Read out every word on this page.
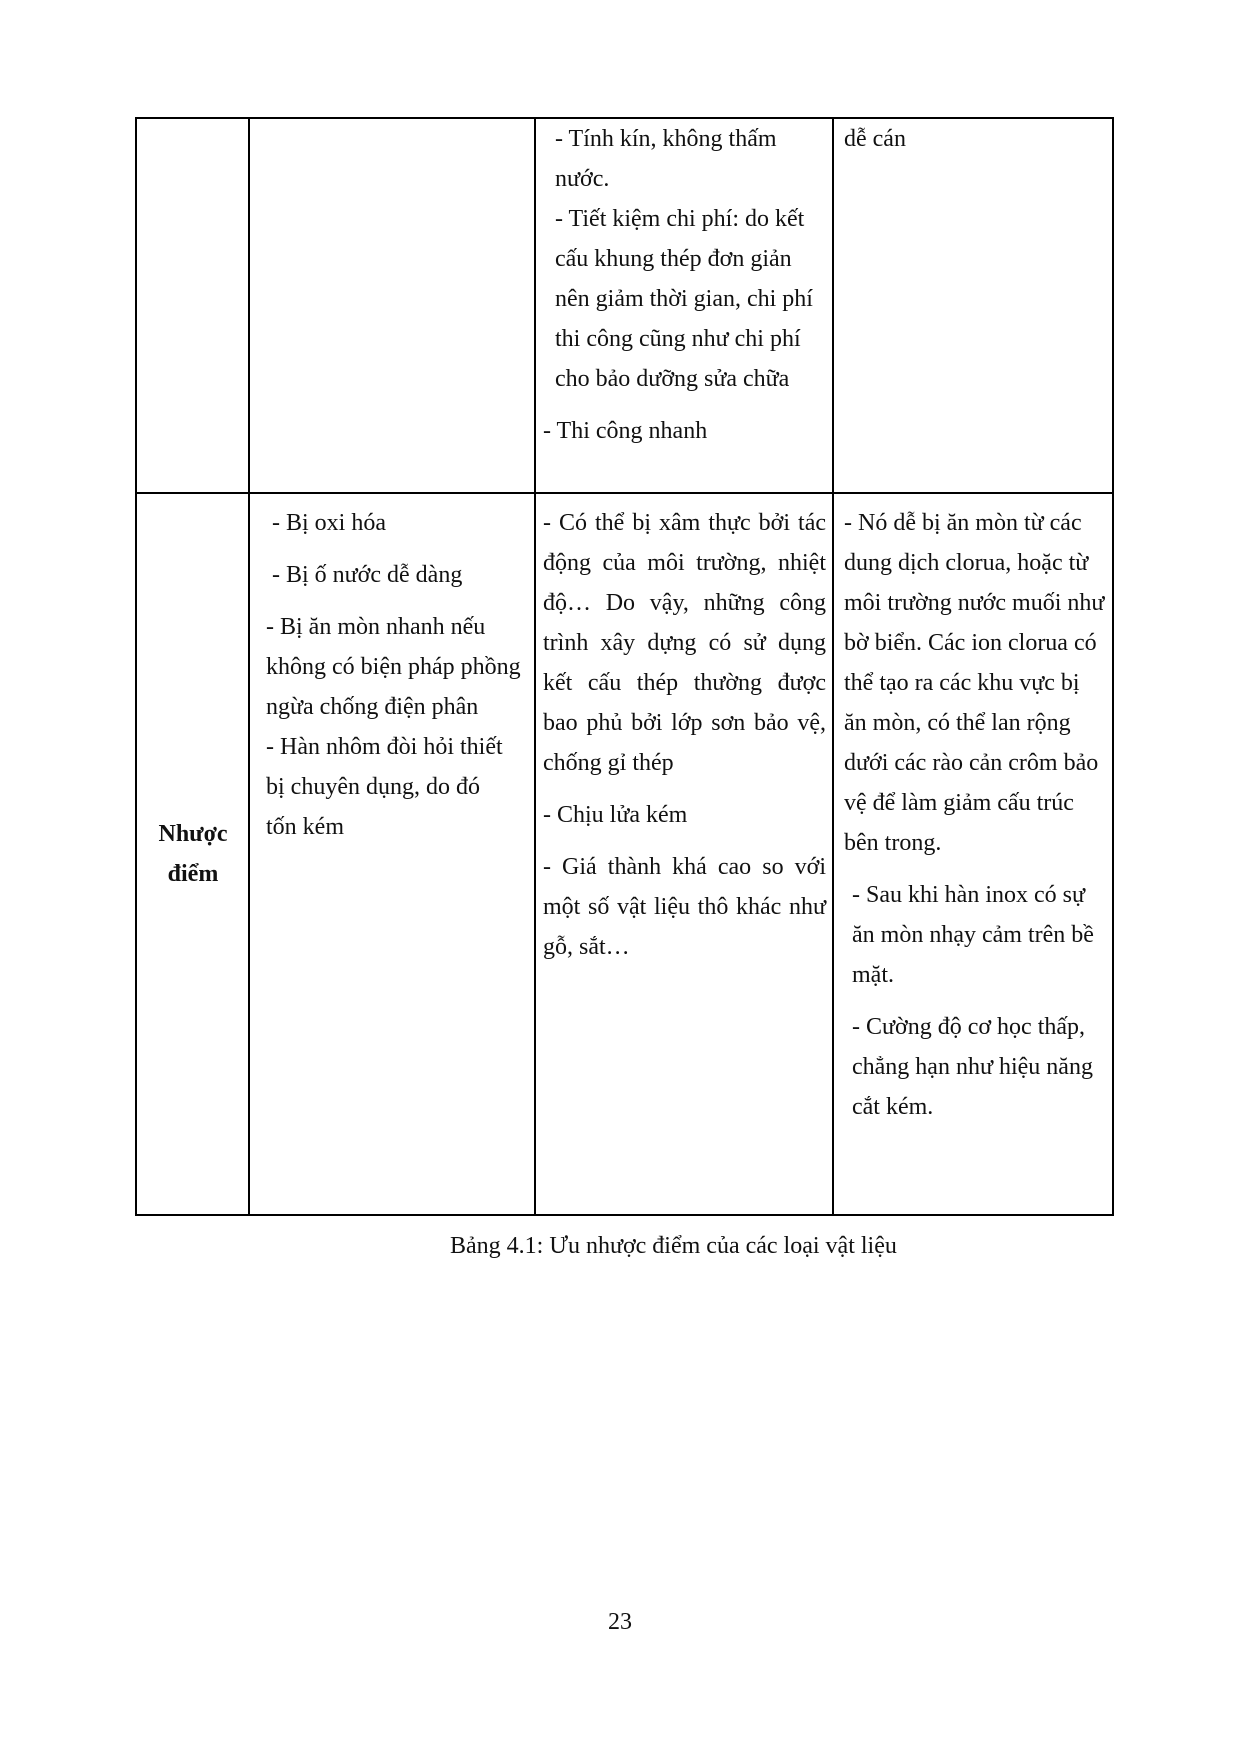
- Tính kín, không thấm nước.

- Tiết kiệm chi phí: do kết cấu khung thép đơn giản nên giảm thời gian, chi phí thi công cũng như chi phí cho bảo dưỡng sửa chữa

- Thi công nhanh

dễ cán

Nhược điểm

- Bị oxi hóa

- Bị ố nước dễ dàng

- Bị ăn mòn nhanh nếu không có biện pháp phồng ngừa chống điện phân

- Hàn nhôm đòi hỏi thiết bị chuyên dụng, do đó tốn kém

- Có thể bị xâm thực bởi tác động của môi trường, nhiệt độ… Do vậy, những công trình xây dựng có sử dụng kết cấu thép thường được bao phủ bởi lớp sơn bảo vệ, chống gỉ thép

- Chịu lửa kém

- Giá thành khá cao so với một số vật liệu thô khác như gỗ, sắt…

- Nó dễ bị ăn mòn từ các dung dịch clorua, hoặc từ môi trường nước muối như bờ biển. Các ion clorua có thể tạo ra các khu vực bị ăn mòn, có thể lan rộng dưới các rào cản crôm bảo vệ để làm giảm cấu trúc bên trong.

- Sau khi hàn inox có sự ăn mòn nhạy cảm trên bề mặt.

- Cường độ cơ học thấp, chẳng hạn như hiệu năng cắt kém.

Bảng 4.1: Ưu nhược điểm của các loại vật liệu
23
